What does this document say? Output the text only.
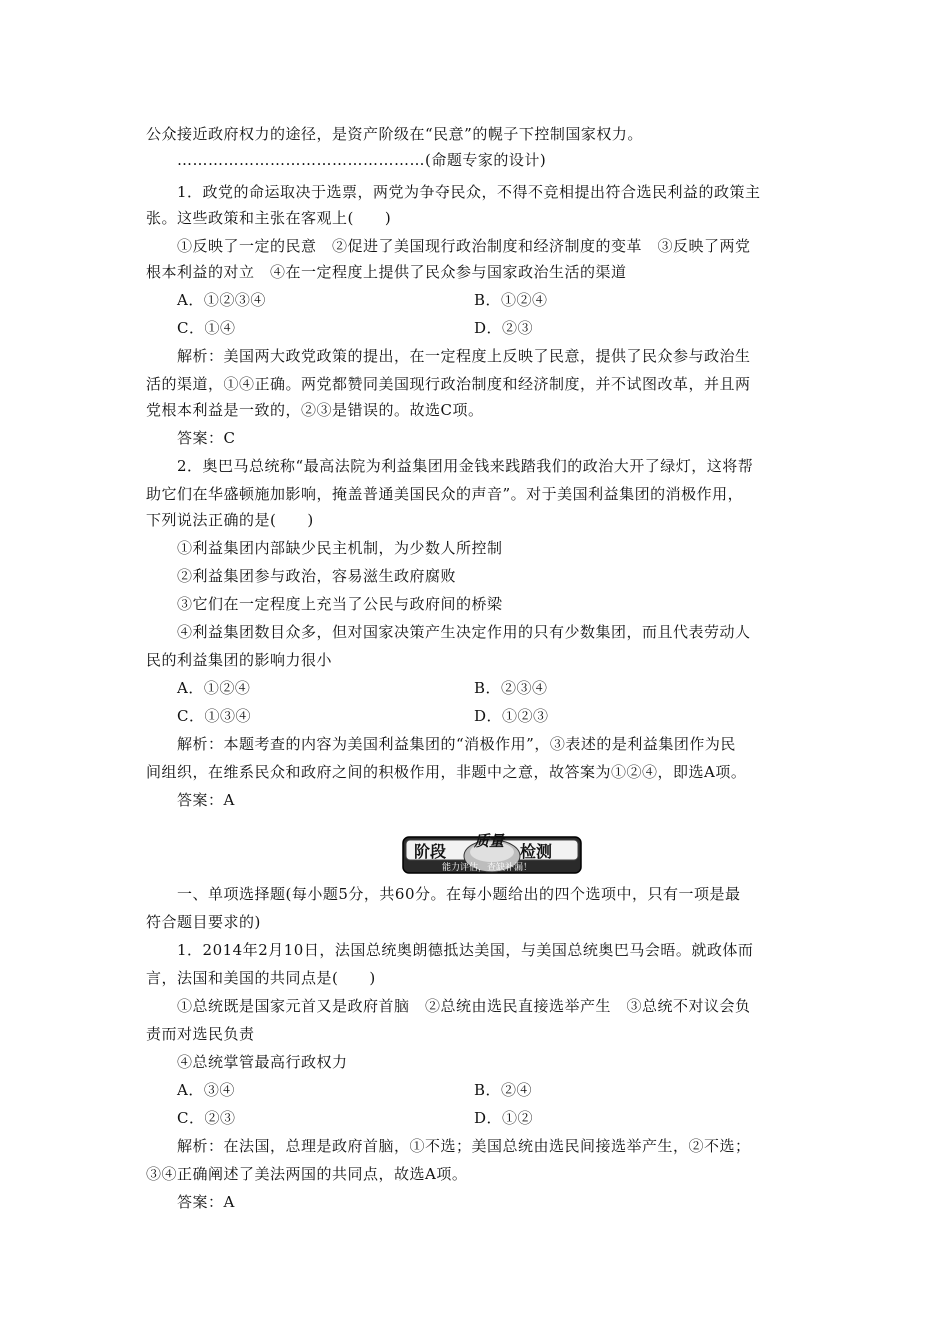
公众接近政府权力的途径，是资产阶级在“民意”的幌子下控制国家权力。
…………………………………………(命题专家的设计)
1．政党的命运取决于选票，两党为争夺民众，不得不竞相提出符合选民利益的政策主
张。这些政策和主张在客观上(　　)
①反映了一定的民意　②促进了美国现行政治制度和经济制度的变革　③反映了两党
根本利益的对立　④在一定程度上提供了民众参与国家政治生活的渠道
A．①②③④	B．①②④
C．①④	D．②③
解析：美国两大政党政策的提出，在一定程度上反映了民意，提供了民众参与政治生
活的渠道，①④正确。两党都赞同美国现行政治制度和经济制度，并不试图改革，并且两
党根本利益是一致的，②③是错误的。故选C项。
答案：C
2．奥巴马总统称“最高法院为利益集团用金钱来践踏我们的政治大开了绿灯，这将帮
助它们在华盛顿施加影响，掩盖普通美国民众的声音”。对于美国利益集团的消极作用，
下列说法正确的是(　　)
①利益集团内部缺少民主机制，为少数人所控制
②利益集团参与政治，容易滋生政府腐败
③它们在一定程度上充当了公民与政府间的桥梁
④利益集团数目众多，但对国家决策产生决定作用的只有少数集团，而且代表劳动人
民的利益集团的影响力很小
A．①②④	B．②③④
C．①③④	D．①②③
解析：本题考查的内容为美国利益集团的“消极作用”，③表述的是利益集团作为民
间组织，在维系民众和政府之间的积极作用，非题中之意，故答案为①②④，即选A项。
答案：A
阶段
质量
检测
能力评估，查缺补漏！
一、单项选择题(每小题5分，共60分。在每小题给出的四个选项中，只有一项是最
符合题目要求的)
1．2014年2月10日，法国总统奥朗德抵达美国，与美国总统奥巴马会晤。就政体而
言，法国和美国的共同点是(　　)
①总统既是国家元首又是政府首脑　②总统由选民直接选举产生　③总统不对议会负
责而对选民负责
④总统掌管最高行政权力
A．③④	B．②④
C．②③	D．①②
解析：在法国，总理是政府首脑，①不选；美国总统由选民间接选举产生，②不选；
③④正确阐述了美法两国的共同点，故选A项。
答案：A
